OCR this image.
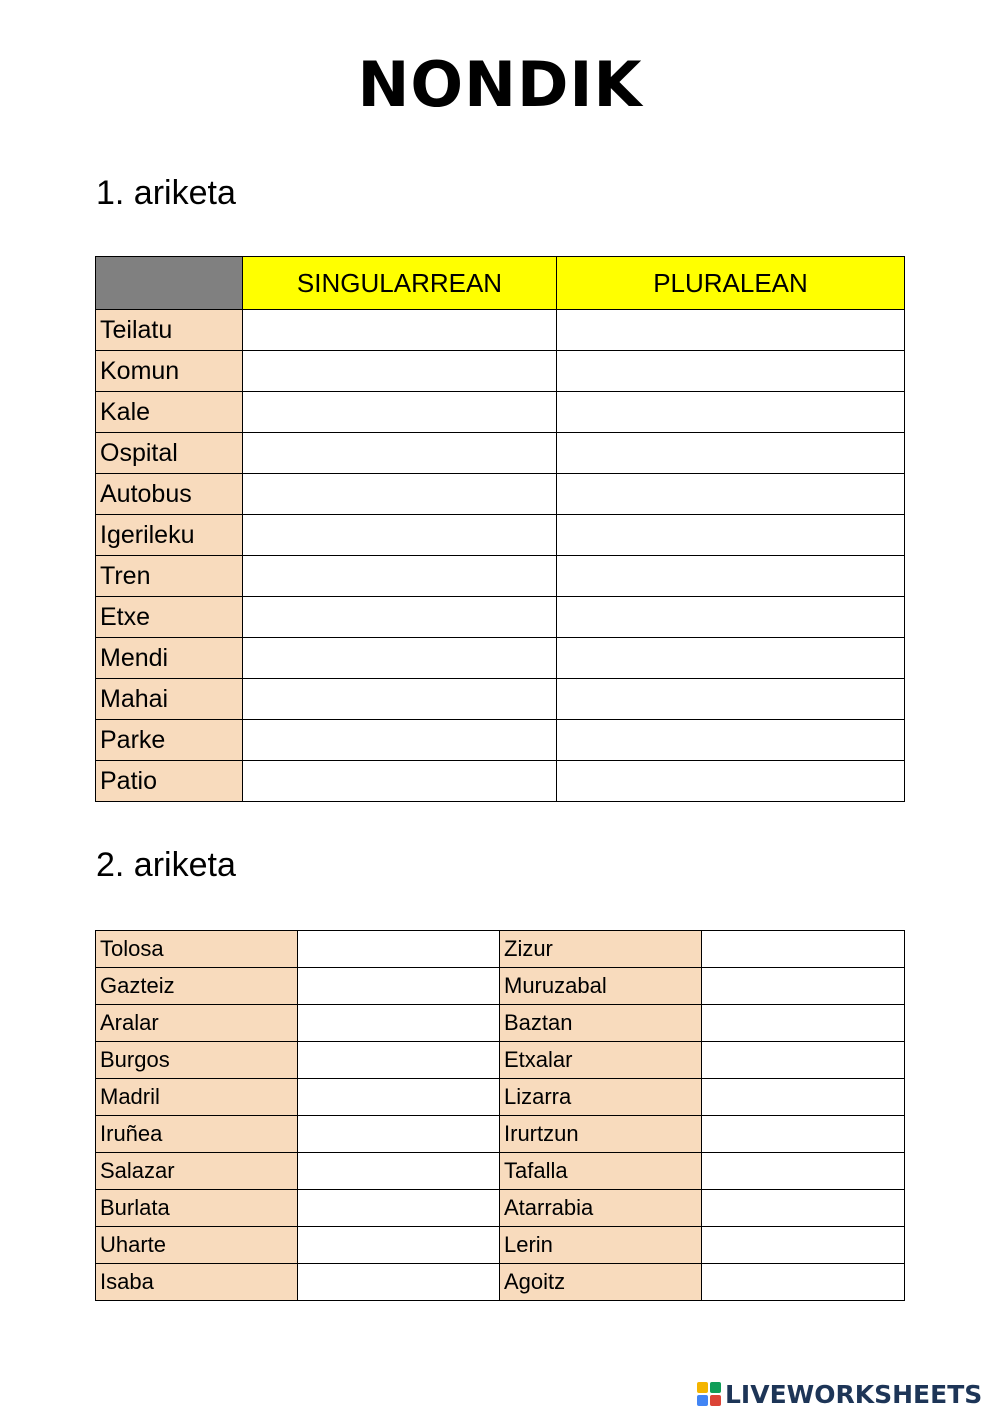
NONDIK
1. ariketa
	SINGULARREAN	PLURALEAN
Teilatu		
Komun		
Kale		
Ospital		
Autobus		
Igerileku		
Tren		
Etxe		
Mendi		
Mahai		
Parke		
Patio		
2. ariketa
Tolosa		Zizur	
Gazteiz		Muruzabal	
Aralar		Baztan	
Burgos		Etxalar	
Madril		Lizarra	
Iruñea		Irurtzun	
Salazar		Tafalla	
Burlata		Atarrabia	
Uharte		Lerin	
Isaba		Agoitz	
LIVEWORKSHEETS
